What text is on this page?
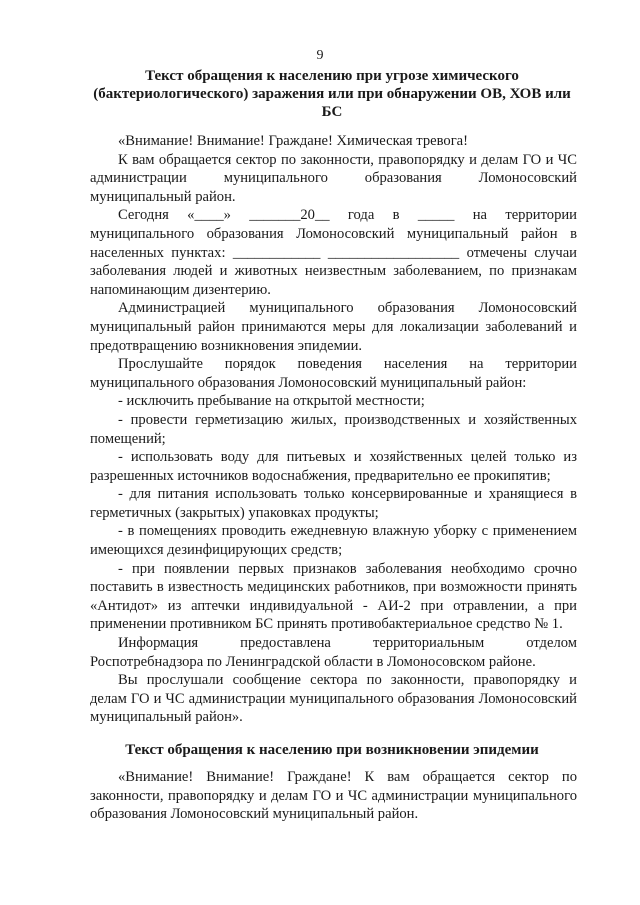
9
Текст обращения к населению при угрозе химического (бактериологического) заражения или при обнаружении ОВ, ХОВ или БС

«Внимание! Внимание! Граждане! Химическая тревога!

К вам обращается сектор по законности, правопорядку и делам ГО и ЧС администрации муниципального образования Ломоносовский муниципальный район.

Сегодня «____» _______20__ года в _____ на территории муниципального образования Ломоносовский муниципальный район в населенных пунктах: ____________ __________________ отмечены случаи заболевания людей и животных неизвестным заболеванием, по признакам напоминающим дизентерию.

Администрацией муниципального образования Ломоносовский муниципальный район принимаются меры для локализации заболеваний и предотвращению возникновения эпидемии.

Прослушайте порядок поведения населения на территории муниципального образования Ломоносовский муниципальный район:

- исключить пребывание на открытой местности;

- провести герметизацию жилых, производственных и хозяйственных помещений;

- использовать воду для питьевых и хозяйственных целей только из разрешенных источников водоснабжения, предварительно ее прокипятив;

- для питания использовать только консервированные и хранящиеся в герметичных (закрытых) упаковках продукты;

- в помещениях проводить ежедневную влажную уборку с применением имеющихся дезинфицирующих средств;

- при появлении первых признаков заболевания необходимо срочно поставить в известность медицинских работников, при возможности принять «Антидот» из аптечки индивидуальной - АИ-2 при отравлении, а при применении противником БС принять противобактериальное средство № 1.

Информация предоставлена территориальным отделом Роспотребнадзора по Ленинградской области в Ломоносовском районе.

Вы прослушали сообщение сектора по законности, правопорядку и делам ГО и ЧС администрации муниципального образования Ломоносовский муниципальный район».

Текст обращения к населению при возникновении эпидемии

«Внимание! Внимание! Граждане! К вам обращается сектор по законности, правопорядку и делам ГО и ЧС администрации муниципального образования Ломоносовский муниципальный район.
